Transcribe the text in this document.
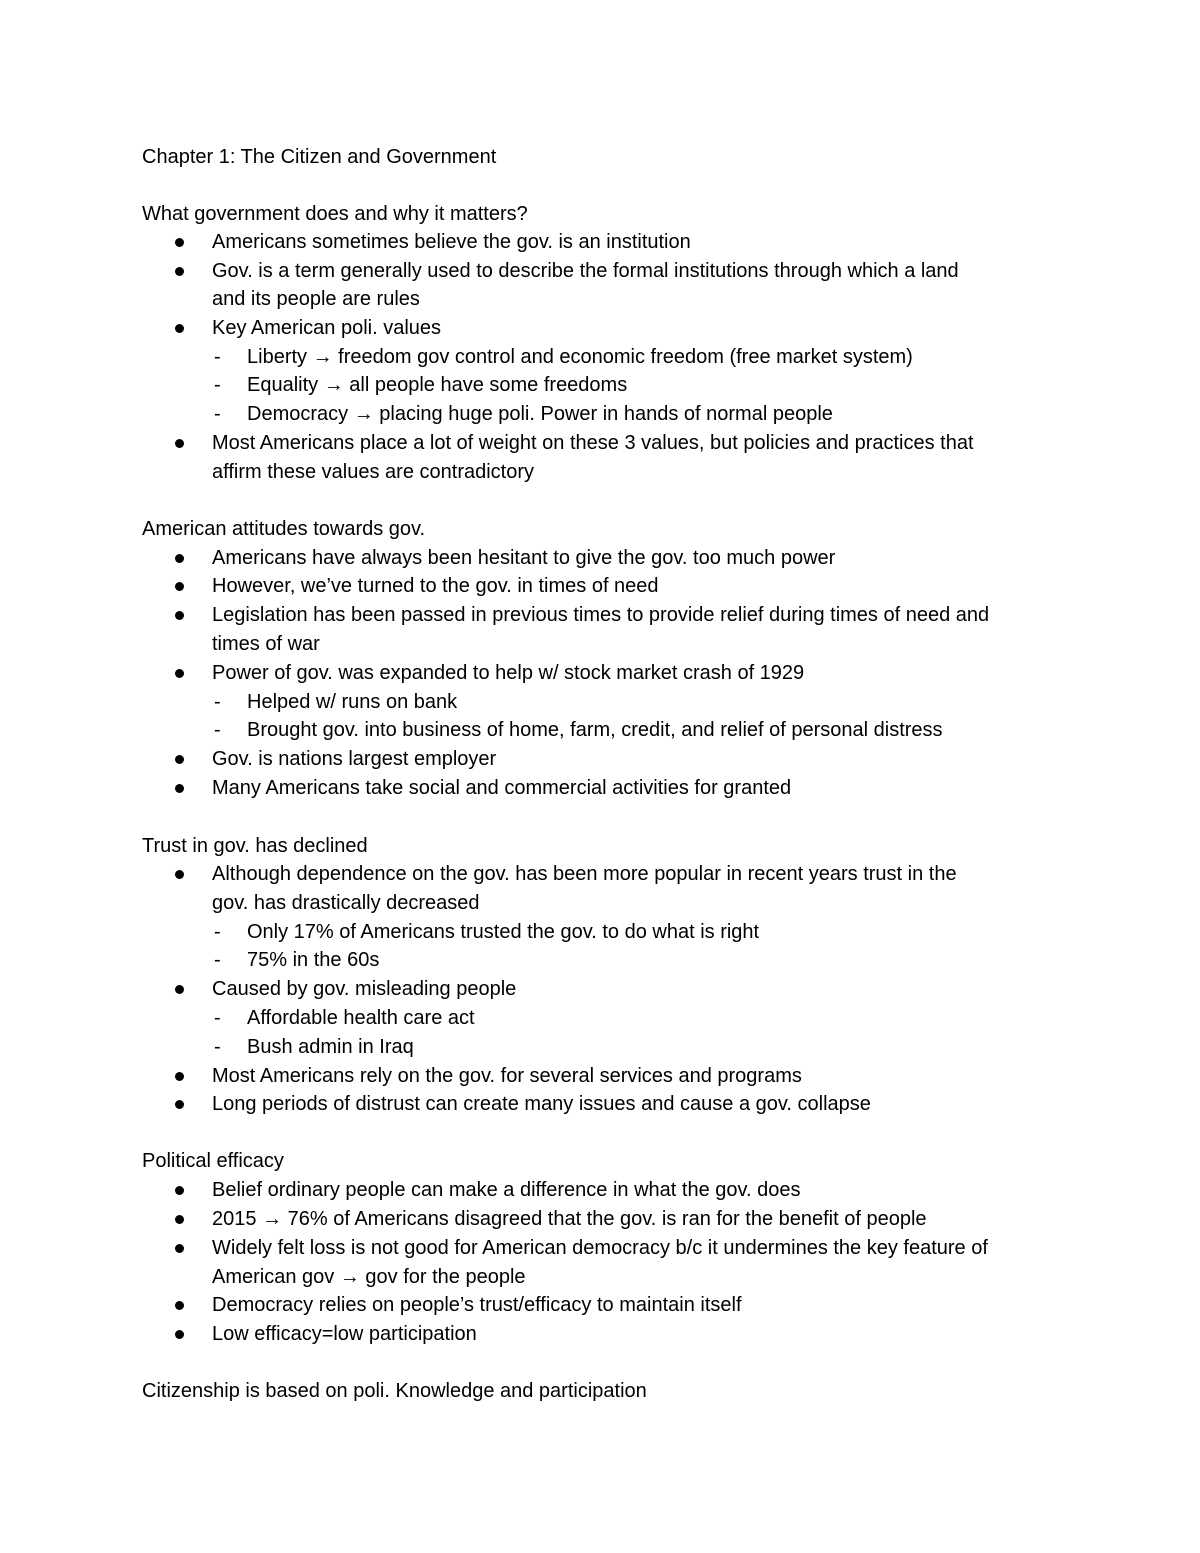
Chapter 1: The Citizen and Government
What government does and why it matters?
Americans sometimes believe the gov. is an institution
Gov. is a term generally used to describe the formal institutions through which a land
and its people are rules
Key American poli. values
- Liberty → freedom gov control and economic freedom (free market system)
- Equality → all people have some freedoms
- Democracy → placing huge poli. Power in hands of normal people
Most Americans place a lot of weight on these 3 values, but policies and practices that
affirm these values are contradictory
American attitudes towards gov.
Americans have always been hesitant to give the gov. too much power
However, we’ve turned to the gov. in times of need
Legislation has been passed in previous times to provide relief during times of need and
times of war
Power of gov. was expanded to help w/ stock market crash of 1929
- Helped w/ runs on bank
- Brought gov. into business of home, farm, credit, and relief of personal distress
Gov. is nations largest employer
Many Americans take social and commercial activities for granted
Trust in gov. has declined
Although dependence on the gov. has been more popular in recent years trust in the
gov. has drastically decreased
- Only 17% of Americans trusted the gov. to do what is right
- 75% in the 60s
Caused by gov. misleading people
- Affordable health care act
- Bush admin in Iraq
Most Americans rely on the gov. for several services and programs
Long periods of distrust can create many issues and cause a gov. collapse
Political efficacy
Belief ordinary people can make a difference in what the gov. does
2015 → 76% of Americans disagreed that the gov. is ran for the benefit of people
Widely felt loss is not good for American democracy b/c it undermines the key feature of
American gov → gov for the people
Democracy relies on people’s trust/efficacy to maintain itself
Low efficacy=low participation
Citizenship is based on poli. Knowledge and participation
